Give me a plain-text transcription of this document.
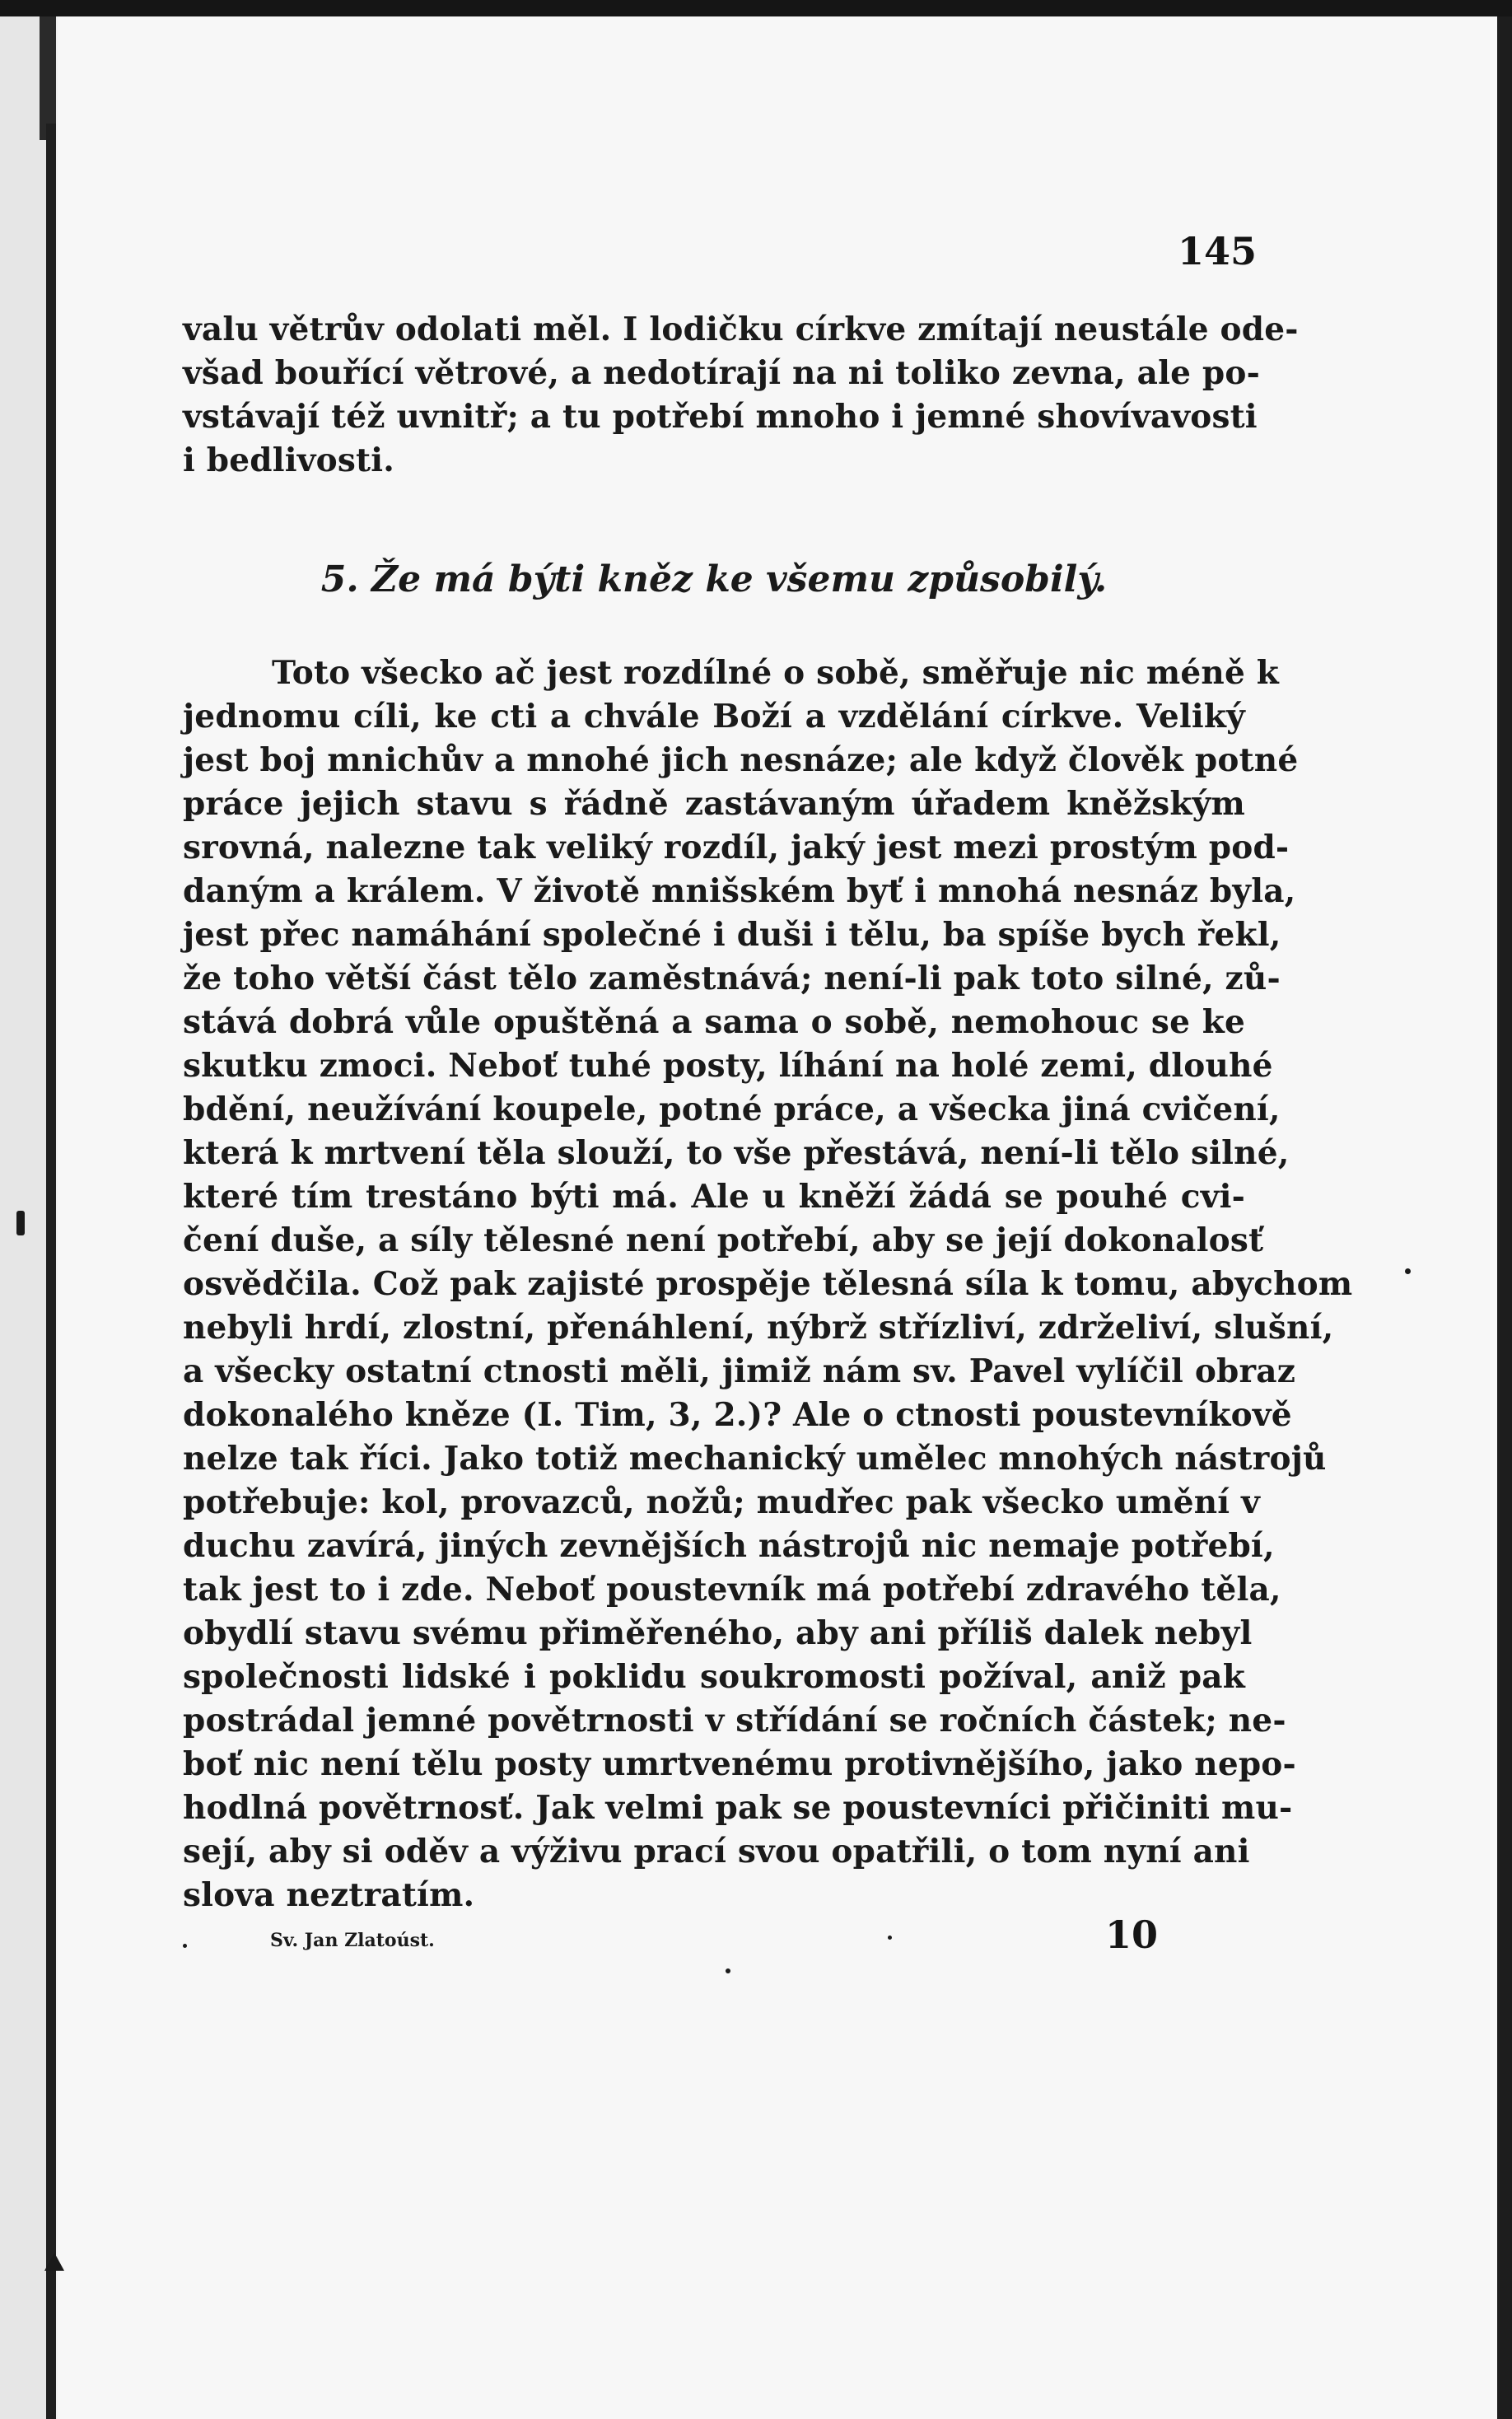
145
valu větrův odolati měl. I lodičku církve zmítají neustále ode-
všad bouřící větrové, a nedotírají na ni toliko zevna, ale po-
vstávají též uvnitř; a tu potřebí mnoho i jemné shovívavosti
i bedlivosti.
5. Že má býti kněz ke všemu způsobilý.
Toto všecko ač jest rozdílné o sobě, směřuje nic méně k
jednomu cíli, ke cti a chvále Boží a vzdělání církve. Veliký
jest boj mnichův a mnohé jich nesnáze; ale když člověk potné
práce jejich stavu s řádně zastávaným úřadem kněžským
srovná, nalezne tak veliký rozdíl, jaký jest mezi prostým pod-
daným a králem. V životě mnišském byť i mnohá nesnáz byla,
jest přec namáhání společné i duši i tělu, ba spíše bych řekl,
že toho větší část tělo zaměstnává; není-li pak toto silné, zů-
stává dobrá vůle opuštěná a sama o sobě, nemohouc se ke
skutku zmoci. Neboť tuhé posty, líhání na holé zemi, dlouhé
bdění, neužívání koupele, potné práce, a všecka jiná cvičení,
která k mrtvení těla slouží, to vše přestává, není-li tělo silné,
které tím trestáno býti má. Ale u kněží žádá se pouhé cvi-
čení duše, a síly tělesné není potřebí, aby se její dokonalosť
osvědčila. Což pak zajisté prospěje tělesná síla k tomu, abychom
nebyli hrdí, zlostní, přenáhlení, nýbrž střízliví, zdrželiví, slušní,
a všecky ostatní ctnosti měli, jimiž nám sv. Pavel vylíčil obraz
dokonalého kněze (I. Tim, 3, 2.)? Ale o ctnosti poustevníkově
nelze tak říci. Jako totiž mechanický umělec mnohých nástrojů
potřebuje: kol, provazců, nožů; mudřec pak všecko umění v
duchu zavírá, jiných zevnějších nástrojů nic nemaje potřebí,
tak jest to i zde. Neboť poustevník má potřebí zdravého těla,
obydlí stavu svému přiměřeného, aby ani příliš dalek nebyl
společnosti lidské i poklidu soukromosti požíval, aniž pak
postrádal jemné povětrnosti v střídání se ročních částek; ne-
boť nic není tělu posty umrtvenému protivnějšího, jako nepo-
hodlná povětrnosť. Jak velmi pak se poustevníci přičiniti mu-
sejí, aby si oděv a výživu prací svou opatřili, o tom nyní ani
slova neztratím.
Sv. Jan Zlatoúst.	10
